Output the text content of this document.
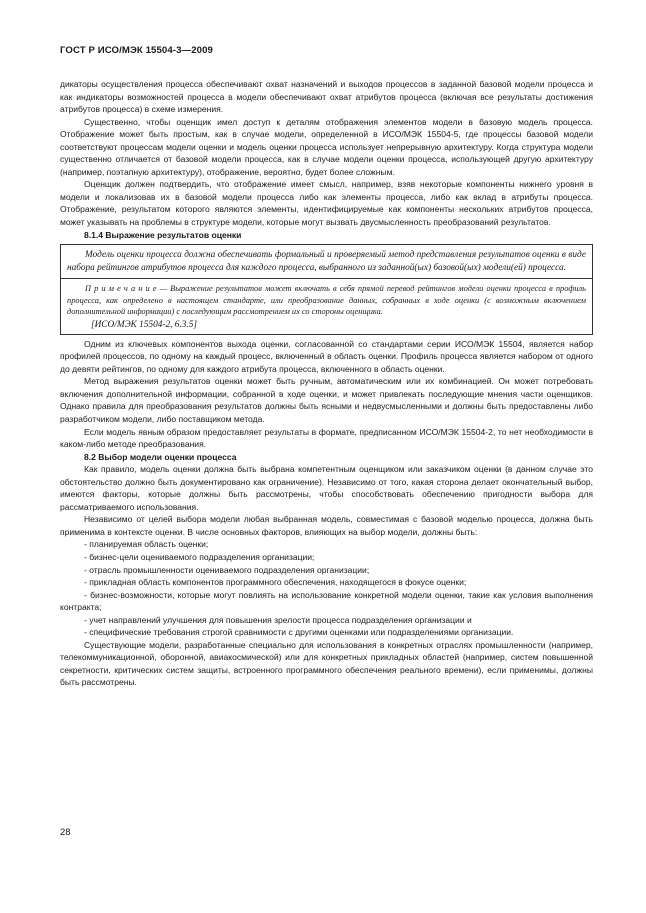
ГОСТ Р ИСО/МЭК 15504-3—2009

дикаторы осуществления процесса обеспечивают охват назначений и выходов процессов в заданной базовой модели процесса и как индикаторы возможностей процесса в модели обеспечивают охват атрибутов процесса (включая все результаты достижения атрибутов процесса) в схеме измерения.

Существенно, чтобы оценщик имел доступ к деталям отображения элементов модели в базовую модель процесса. Отображение может быть простым, как в случае модели, определенной в ИСО/МЭК 15504-5, где процессы базовой модели соответствуют процессам модели оценки и модель оценки процесса использует непрерывную архитектуру. Когда структура модели существенно отличается от базовой модели процесса, как в случае модели оценки процесса, использующей другую архитектуру (например, поэтапную архитектуру), отображение, вероятно, будет более сложным.

Оценщик должен подтвердить, что отображение имеет смысл, например, взяв некоторые компоненты нижнего уровня в модели и локализовав их в базовой модели процесса либо как элементы процесса, либо как вклад в атрибуты процесса. Отображение, результатом которого являются элементы, идентифицируемые как компоненты нескольких атрибутов процесса, может указывать на проблемы в структуре модели, которые могут вызвать двусмысленность преобразований результатов.

8.1.4 Выражение результатов оценки

Модель оценки процесса должна обеспечивать формальный и проверяемый метод представления результатов оценки в виде набора рейтингов атрибутов процесса для каждого процесса, выбранного из заданной(ых) базовой(ых) модели(ей) процесса.

П р и м е ч а н и е — Выражение результатов может включать в себя прямой перевод рейтингов модели оценки процесса в профиль процесса, как определено в настоящем стандарте, или преобразование данных, собранных в ходе оценки (с возможным включением дополнительной информации) с последующим рассмотрением их со стороны оценщика.

[ИСО/МЭК 15504-2, 6.3.5]

Одним из ключевых компонентов выхода оценки, согласованной со стандартами серии ИСО/МЭК 15504, является набор профилей процессов, по одному на каждый процесс, включенный в область оценки. Профиль процесса является набором от одного до девяти рейтингов, по одному для каждого атрибута процесса, включенного в область оценки.

Метод выражения результатов оценки может быть ручным, автоматическим или их комбинацией. Он может потребовать включения дополнительной информации, собранной в ходе оценки, и может привлекать последующие мнения части оценщиков. Однако правила для преобразования результатов должны быть ясными и недвусмысленными и должны быть предоставлены либо разработчиком модели, либо поставщиком метода.

Если модель явным образом предоставляет результаты в формате, предписанном ИСО/МЭК 15504-2, то нет необходимости в каком-либо методе преобразования.

8.2 Выбор модели оценки процесса

Как правило, модель оценки должна быть выбрана компетентным оценщиком или заказчиком оценки (в данном случае это обстоятельство должно быть документировано как ограничение). Независимо от того, какая сторона делает окончательный выбор, имеются факторы, которые должны быть рассмотрены, чтобы способствовать обеспечению пригодности выбора для рассматриваемого использования.

Независимо от целей выбора модели любая выбранная модель, совместимая с базовой моделью процесса, должна быть применима в контексте оценки. В числе основных факторов, влияющих на выбор модели, должны быть:

- планируемая область оценки;

- бизнес-цели оцениваемого подразделения организации;

- отрасль промышленности оцениваемого подразделения организации;

- прикладная область компонентов программного обеспечения, находящегося в фокусе оценки;

- бизнес-возможности, которые могут повлиять на использование конкретной модели оценки, такие как условия выполнения контракта;

- учет направлений улучшения для повышения зрелости процесса подразделения организации и

- специфические требования строгой сравнимости с другими оценками или подразделениями организации.

Существующие модели, разработанные специально для использования в конкретных отраслях промышленности (например, телекоммуникационной, оборонной, авиакосмической) или для конкретных прикладных областей (например, систем повышенной секретности, критических систем защиты, встроенного программного обеспечения реального времени), если применимы, должны быть рассмотрены.

28
